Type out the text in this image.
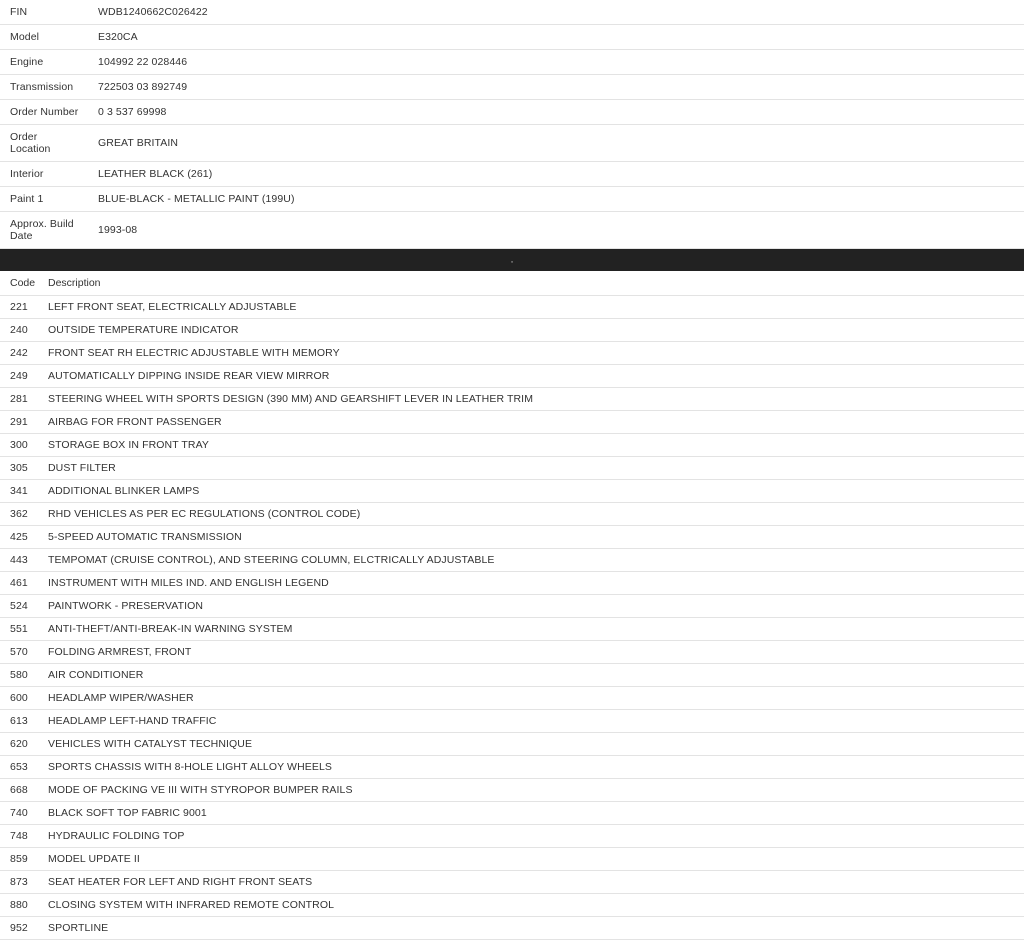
FIN	WDB1240662C026422
Model	E320CA
Engine	104992 22 028446
Transmission	722503 03 892749
Order Number	0 3 537 69998
Order Location	GREAT BRITAIN
Interior	LEATHER BLACK (261)
Paint 1	BLUE-BLACK - METALLIC PAINT (199U)
Approx. Build Date	1993-08
.
Code	Description
221	LEFT FRONT SEAT, ELECTRICALLY ADJUSTABLE
240	OUTSIDE TEMPERATURE INDICATOR
242	FRONT SEAT RH ELECTRIC ADJUSTABLE WITH MEMORY
249	AUTOMATICALLY DIPPING INSIDE REAR VIEW MIRROR
281	STEERING WHEEL WITH SPORTS DESIGN (390 MM) AND GEARSHIFT LEVER IN LEATHER TRIM
291	AIRBAG FOR FRONT PASSENGER
300	STORAGE BOX IN FRONT TRAY
305	DUST FILTER
341	ADDITIONAL BLINKER LAMPS
362	RHD VEHICLES AS PER EC REGULATIONS (CONTROL CODE)
425	5-SPEED AUTOMATIC TRANSMISSION
443	TEMPOMAT (CRUISE CONTROL), AND STEERING COLUMN, ELCTRICALLY ADJUSTABLE
461	INSTRUMENT WITH MILES IND. AND ENGLISH LEGEND
524	PAINTWORK - PRESERVATION
551	ANTI-THEFT/ANTI-BREAK-IN WARNING SYSTEM
570	FOLDING ARMREST, FRONT
580	AIR CONDITIONER
600	HEADLAMP WIPER/WASHER
613	HEADLAMP LEFT-HAND TRAFFIC
620	VEHICLES WITH CATALYST TECHNIQUE
653	SPORTS CHASSIS WITH 8-HOLE LIGHT ALLOY WHEELS
668	MODE OF PACKING VE III WITH STYROPOR BUMPER RAILS
740	BLACK SOFT TOP FABRIC 9001
748	HYDRAULIC FOLDING TOP
859	MODEL UPDATE II
873	SEAT HEATER FOR LEFT AND RIGHT FRONT SEATS
880	CLOSING SYSTEM WITH INFRARED REMOTE CONTROL
952	SPORTLINE
